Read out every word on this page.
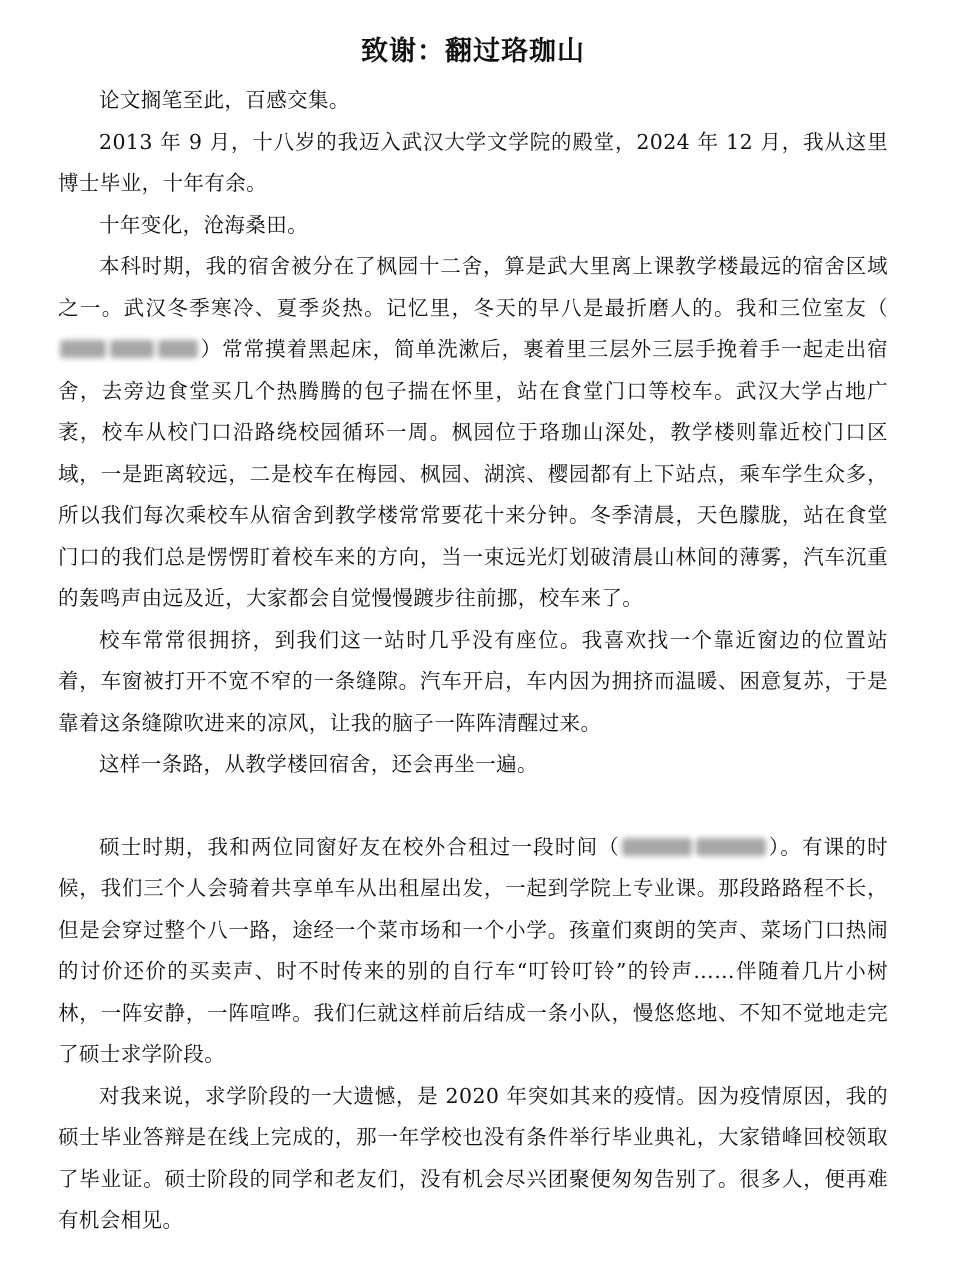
致谢：翻过珞珈山

论文搁笔至此，百感交集。

2013 年 9 月，十八岁的我迈入武汉大学文学院的殿堂，2024 年 12 月，我从这里博士毕业，十年有余。

十年变化，沧海桑田。

本科时期，我的宿舍被分在了枫园十二舍，算是武大里离上课教学楼最远的宿舍区域之一。武汉冬季寒冷、夏季炎热。记忆里，冬天的早八是最折磨人的。我和三位室友（）常常摸着黑起床，简单洗漱后，裹着里三层外三层手挽着手一起走出宿舍，去旁边食堂买几个热腾腾的包子揣在怀里，站在食堂门口等校车。武汉大学占地广袤，校车从校门口沿路绕校园循环一周。枫园位于珞珈山深处，教学楼则靠近校门口区域，一是距离较远，二是校车在梅园、枫园、湖滨、樱园都有上下站点，乘车学生众多，所以我们每次乘校车从宿舍到教学楼常常要花十来分钟。冬季清晨，天色朦胧，站在食堂门口的我们总是愣愣盯着校车来的方向，当一束远光灯划破清晨山林间的薄雾，汽车沉重的轰鸣声由远及近，大家都会自觉慢慢踱步往前挪，校车来了。

校车常常很拥挤，到我们这一站时几乎没有座位。我喜欢找一个靠近窗边的位置站着，车窗被打开不宽不窄的一条缝隙。汽车开启，车内因为拥挤而温暖、困意复苏，于是靠着这条缝隙吹进来的凉风，让我的脑子一阵阵清醒过来。

这样一条路，从教学楼回宿舍，还会再坐一遍。

硕士时期，我和两位同窗好友在校外合租过一段时间（	）。有课的时候，我们三个人会骑着共享单车从出租屋出发，一起到学院上专业课。那段路路程不长，但是会穿过整个八一路，途经一个菜市场和一个小学。孩童们爽朗的笑声、菜场门口热闹的讨价还价的买卖声、时不时传来的别的自行车“叮铃叮铃”的铃声……伴随着几片小树林，一阵安静，一阵喧哗。我们仨就这样前后结成一条小队，慢悠悠地、不知不觉地走完了硕士求学阶段。

对我来说，求学阶段的一大遗憾，是 2020 年突如其来的疫情。因为疫情原因，我的硕士毕业答辩是在线上完成的，那一年学校也没有条件举行毕业典礼，大家错峰回校领取了毕业证。硕士阶段的同学和老友们，没有机会尽兴团聚便匆匆告别了。很多人，便再难有机会相见。
